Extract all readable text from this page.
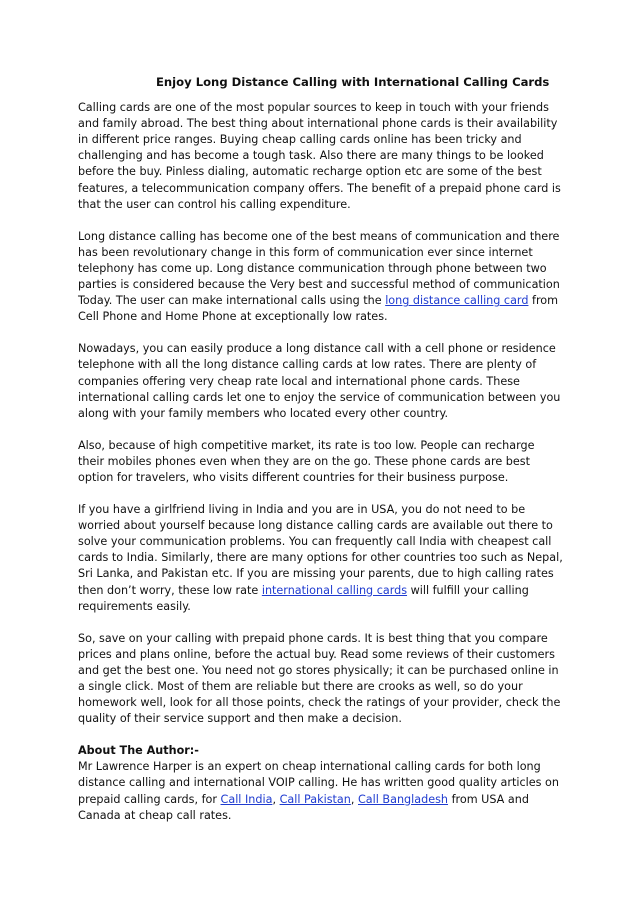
Enjoy Long Distance Calling with International Calling Cards

Calling cards are one of the most popular sources to keep in touch with your friends and family abroad. The best thing about international phone cards is their availability in different price ranges. Buying cheap calling cards online has been tricky and challenging and has become a tough task. Also there are many things to be looked before the buy. Pinless dialing, automatic recharge option etc are some of the best features, a telecommunication company offers. The benefit of a prepaid phone card is that the user can control his calling expenditure.

Long distance calling has become one of the best means of communication and there has been revolutionary change in this form of communication ever since internet telephony has come up. Long distance communication through phone between two parties is considered because the Very best and successful method of communication Today. The user can make international calls using the long distance calling card from Cell Phone and Home Phone at exceptionally low rates.

Nowadays, you can easily produce a long distance call with a cell phone or residence telephone with all the long distance calling cards at low rates. There are plenty of companies offering very cheap rate local and international phone cards. These international calling cards let one to enjoy the service of communication between you along with your family members who located every other country.

Also, because of high competitive market, its rate is too low. People can recharge their mobiles phones even when they are on the go. These phone cards are best option for travelers, who visits different countries for their business purpose.

If you have a girlfriend living in India and you are in USA, you do not need to be worried about yourself because long distance calling cards are available out there to solve your communication problems. You can frequently call India with cheapest call cards to India. Similarly, there are many options for other countries too such as Nepal, Sri Lanka, and Pakistan etc. If you are missing your parents, due to high calling rates then don’t worry, these low rate international calling cards will fulfill your calling requirements easily.

So, save on your calling with prepaid phone cards. It is best thing that you compare prices and plans online, before the actual buy. Read some reviews of their customers and get the best one. You need not go stores physically; it can be purchased online in a single click. Most of them are reliable but there are crooks as well, so do your homework well, look for all those points, check the ratings of your provider, check the quality of their service support and then make a decision.

About The Author:-
Mr Lawrence Harper is an expert on cheap international calling cards for both long distance calling and international VOIP calling. He has written good quality articles on prepaid calling cards, for Call India, Call Pakistan, Call Bangladesh from USA and Canada at cheap call rates.
